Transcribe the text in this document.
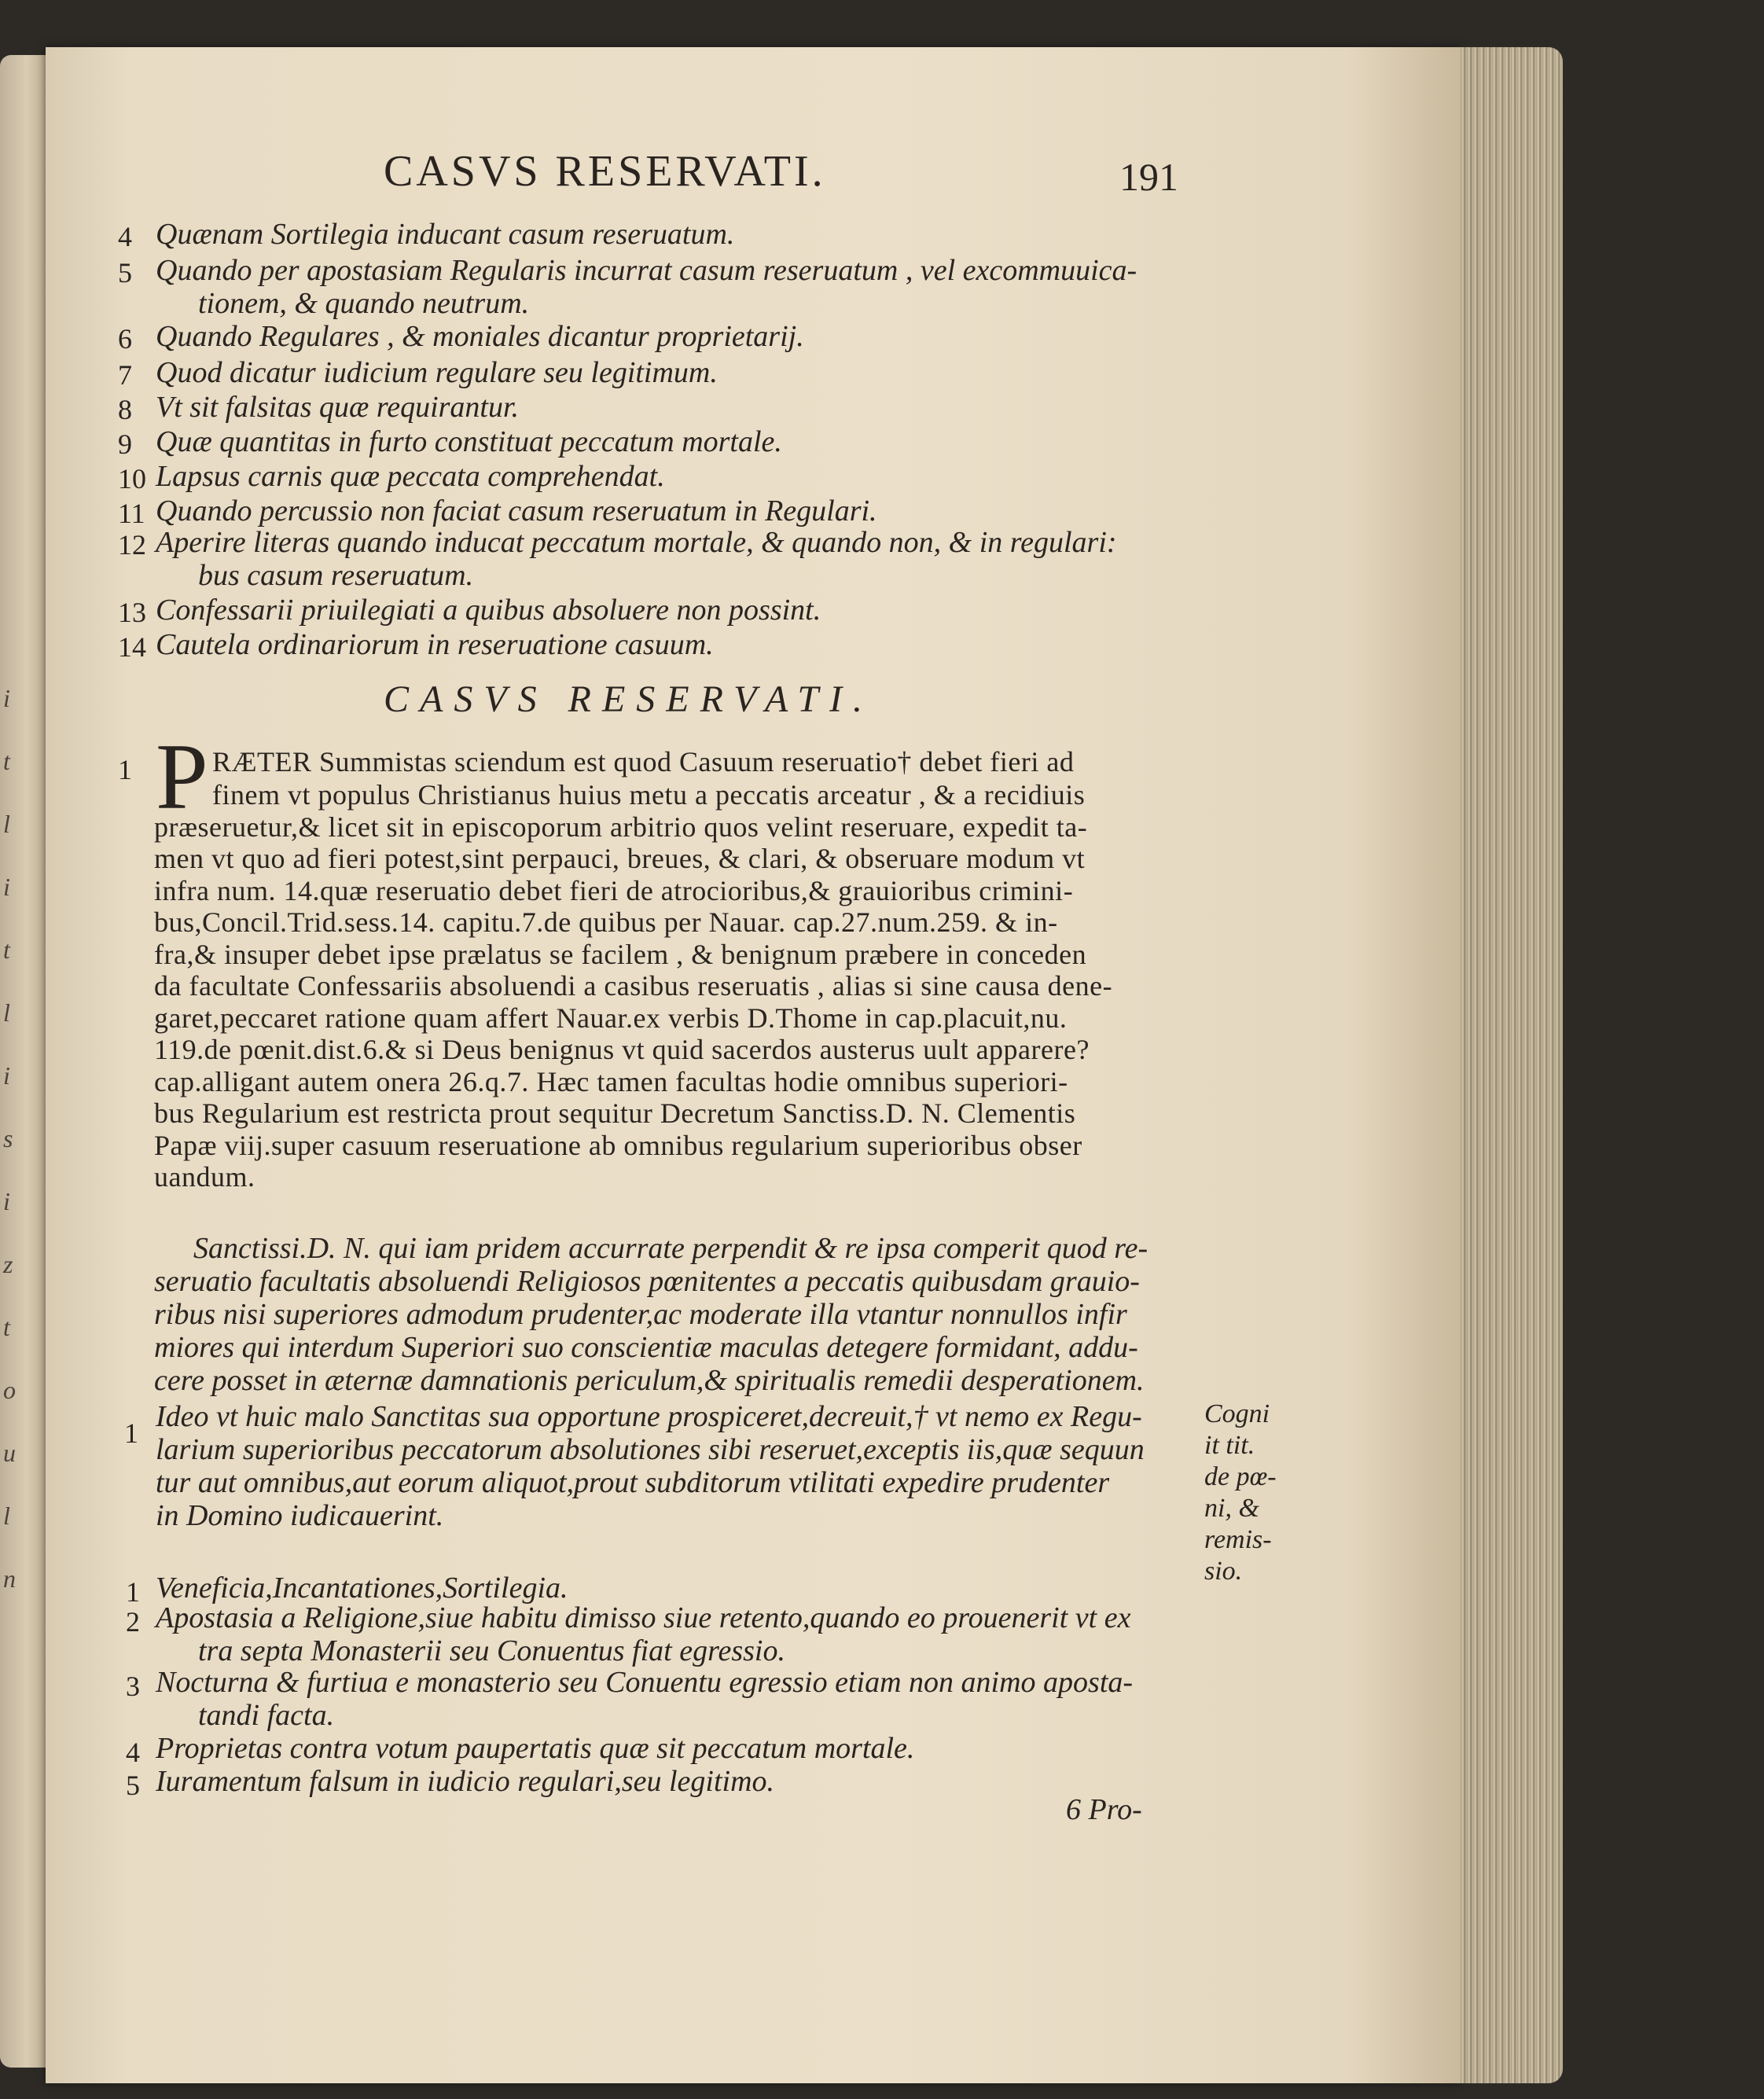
i
t
l
i
t
l
i
s
i
z
t
o
u
l
n
CASVS RESERVATI.	191
4 Quænam Sortilegia inducant casum reseruatum.
5 Quando per apostasiam Regularis incurrat casum reseruatum , vel excommuuica-
tionem, & quando neutrum.
6 Quando Regulares , & moniales dicantur proprietarij.
7 Quod dicatur iudicium regulare seu legitimum.
8 Vt sit falsitas quæ requirantur.
9 Quæ quantitas in furto constituat peccatum mortale.
10 Lapsus carnis quæ peccata comprehendat.
11 Quando percussio non faciat casum reseruatum in Regulari.
12 Aperire literas quando inducat peccatum mortale, & quando non, & in regulari:
bus casum reseruatum.
13 Confessarii priuilegiati a quibus absoluere non possint.
14 Cautela ordinariorum in reseruatione casuum.
CASVS RESERVATI.
1 P RÆTER Summistas sciendum est quod Casuum reseruatio† debet fieri ad
finem vt populus Christianus huius metu a peccatis arceatur , & a recidiuis
præseruetur,& licet sit in episcoporum arbitrio quos velint reseruare, expedit ta-
men vt quo ad fieri potest,sint perpauci, breues, & clari, & obseruare modum vt
infra num. 14.quæ reseruatio debet fieri de atrocioribus,& grauioribus crimini-
bus,Concil.Trid.sess.14. capitu.7.de quibus per Nauar. cap.27.num.259. & in-
fra,& insuper debet ipse prælatus se facilem , & benignum præbere in conceden
da facultate Confessariis absoluendi a casibus reseruatis , alias si sine causa dene-
garet,peccaret ratione quam affert Nauar.ex verbis D.Thome in cap.placuit,nu.
119.de pœnit.dist.6.& si Deus benignus vt quid sacerdos austerus uult apparere?
cap.alligant autem onera 26.q.7. Hæc tamen facultas hodie omnibus superiori-
bus Regularium est restricta prout sequitur Decretum Sanctiss.D. N. Clementis
Papæ viij.super casuum reseruatione ab omnibus regularium superioribus obser
uandum.
Sanctissi.D. N. qui iam pridem accurrate perpendit & re ipsa comperit quod re-
seruatio facultatis absoluendi Religiosos pœnitentes a peccatis quibusdam grauio-
ribus nisi superiores admodum prudenter,ac moderate illa vtantur nonnullos infir
miores qui interdum Superiori suo conscientiæ maculas detegere formidant, addu-
cere posset in æternæ damnationis periculum,& spiritualis remedii desperationem.
1 Ideo vt huic malo Sanctitas sua opportune prospiceret,decreuit,† vt nemo ex Regu-
larium superioribus peccatorum absolutiones sibi reseruet,exceptis iis,quæ sequun
tur aut omnibus,aut eorum aliquot,prout subditorum vtilitati expedire prudenter
in Domino iudicauerint.
Cogni
it tit.
de pœ-
ni, &
remis-
sio.
1 Veneficia,Incantationes,Sortilegia.
2 Apostasia a Religione,siue habitu dimisso siue retento,quando eo prouenerit vt ex
tra septa Monasterii seu Conuentus fiat egressio.
3 Nocturna & furtiua e monasterio seu Conuentu egressio etiam non animo aposta-
tandi facta.
4 Proprietas contra votum paupertatis quæ sit peccatum mortale.
5 Iuramentum falsum in iudicio regulari,seu legitimo.
6 Pro-
